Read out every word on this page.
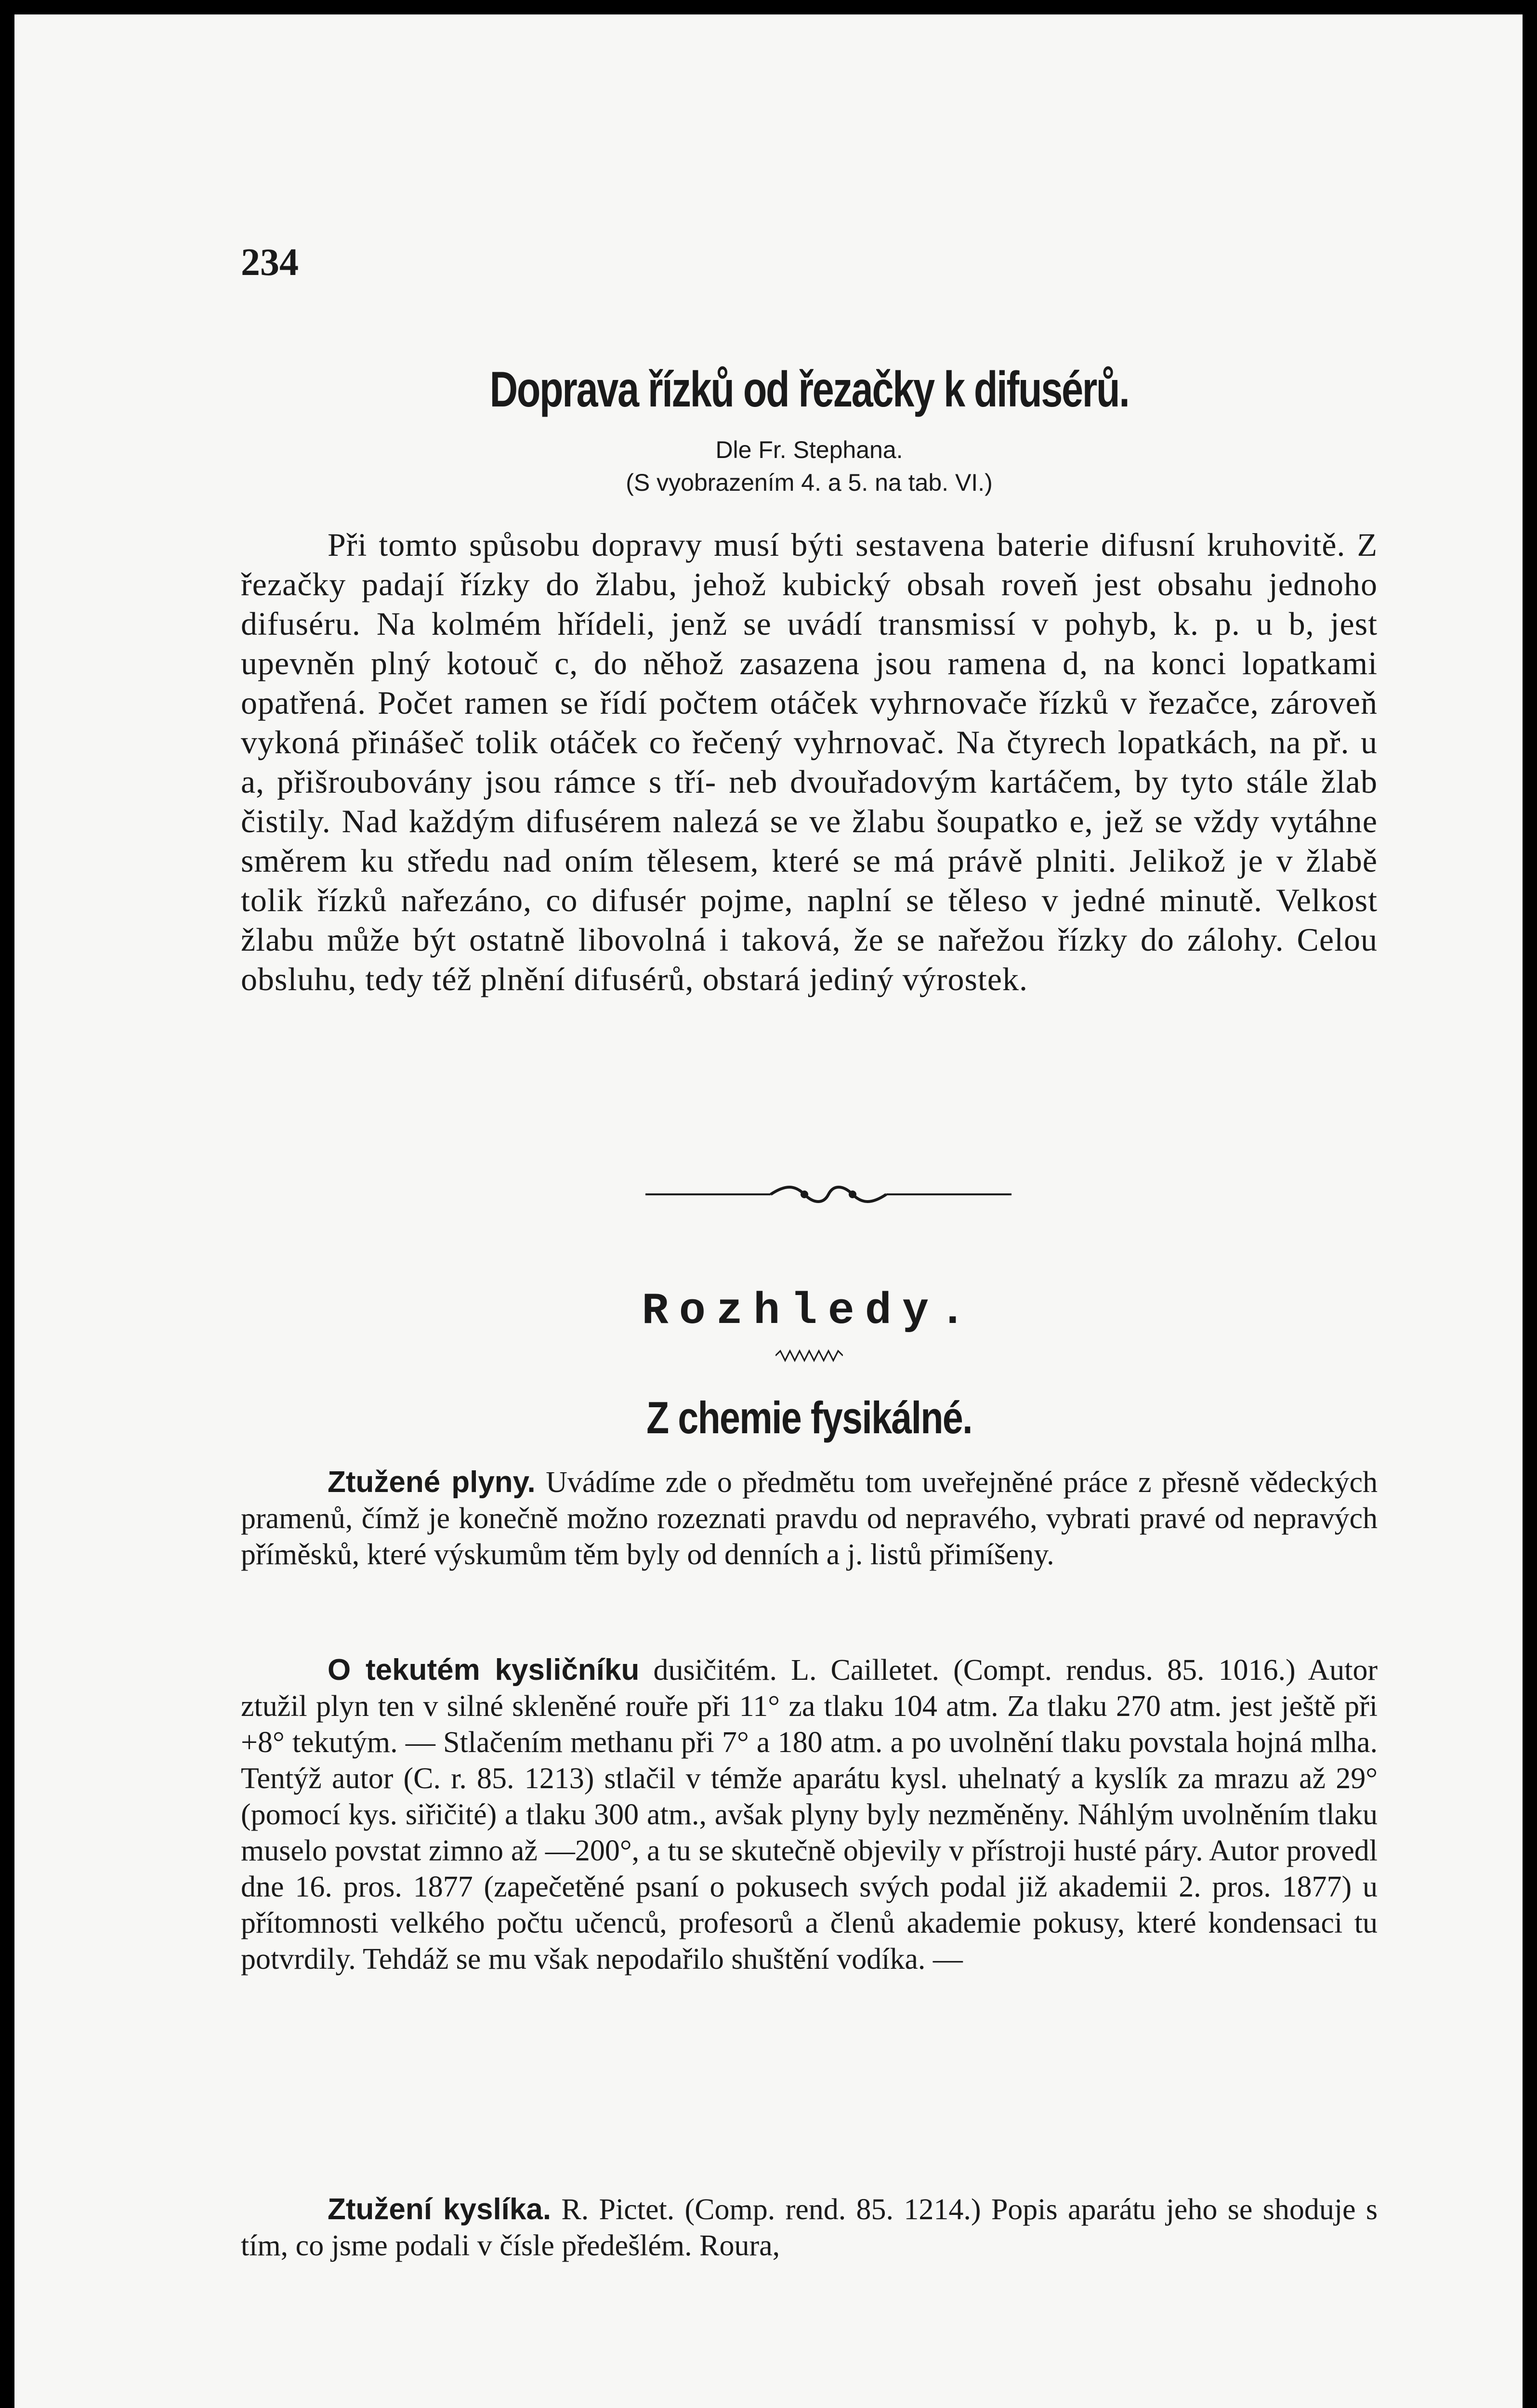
234
Doprava řízků od řezačky k difusérů.
Dle Fr. Stephana.
(S vyobrazením 4. a 5. na tab. VI.)
Při tomto spůsobu dopravy musí býti sestavena baterie difusní kruhovitě. Z řezačky padají řízky do žlabu, jehož kubický obsah roveň jest obsahu jednoho difuséru. Na kolmém hřídeli, jenž se uvádí transmissí v pohyb, k. p. u b, jest upevněn plný kotouč c, do něhož zasazena jsou ramena d, na konci lopatkami opatřená. Počet ramen se řídí počtem otáček vyhrnovače řízků v řezačce, zároveň vykoná přinášeč tolik otáček co řečený vyhrnovač. Na čtyrech lopatkách, na př. u a, přišroubovány jsou rámce s tří- neb dvouřadovým kartáčem, by tyto stále žlab čistily. Nad každým difusérem nalezá se ve žlabu šoupatko e, jež se vždy vytáhne směrem ku středu nad oním tělesem, které se má právě plniti. Jelikož je v žlabě tolik řízků nařezáno, co difusér pojme, naplní se těleso v jedné minutě. Velkost žlabu může být ostatně libovolná i taková, že se nařežou řízky do zálohy. Celou obsluhu, tedy též plnění difusérů, obstará jediný výrostek.
Rozhledy.
Z chemie fysikálné.
Ztužené plyny. Uvádíme zde o předmětu tom uveřejněné práce z přesně vědeckých pramenů, čímž je konečně možno rozeznati pravdu od nepravého, vybrati pravé od nepravých příměsků, které výskumům těm byly od denních a j. listů přimíšeny.
O tekutém kysličníku dusičitém. L. Cailletet. (Compt. rendus. 85. 1016.) Autor ztužil plyn ten v silné skleněné rouře při 11° za tlaku 104 atm. Za tlaku 270 atm. jest ještě při +8° tekutým. — Stlačením methanu při 7° a 180 atm. a po uvolnění tlaku povstala hojná mlha. Tentýž autor (C. r. 85. 1213) stlačil v témže aparátu kysl. uhelnatý a kyslík za mrazu až 29° (pomocí kys. siřičité) a tlaku 300 atm., avšak plyny byly nezměněny. Náhlým uvolněním tlaku muselo povstat zimno až —200°, a tu se skutečně objevily v přístroji husté páry. Autor provedl dne 16. pros. 1877 (zapečetěné psaní o pokusech svých podal již akademii 2. pros. 1877) u přítomnosti velkého počtu učenců, profesorů a členů akademie pokusy, které kondensaci tu potvrdily. Tehdáž se mu však nepodařilo shuštění vodíka. —
Ztužení kyslíka. R. Pictet. (Comp. rend. 85. 1214.) Popis aparátu jeho se shoduje s tím, co jsme podali v čísle předešlém. Roura,
